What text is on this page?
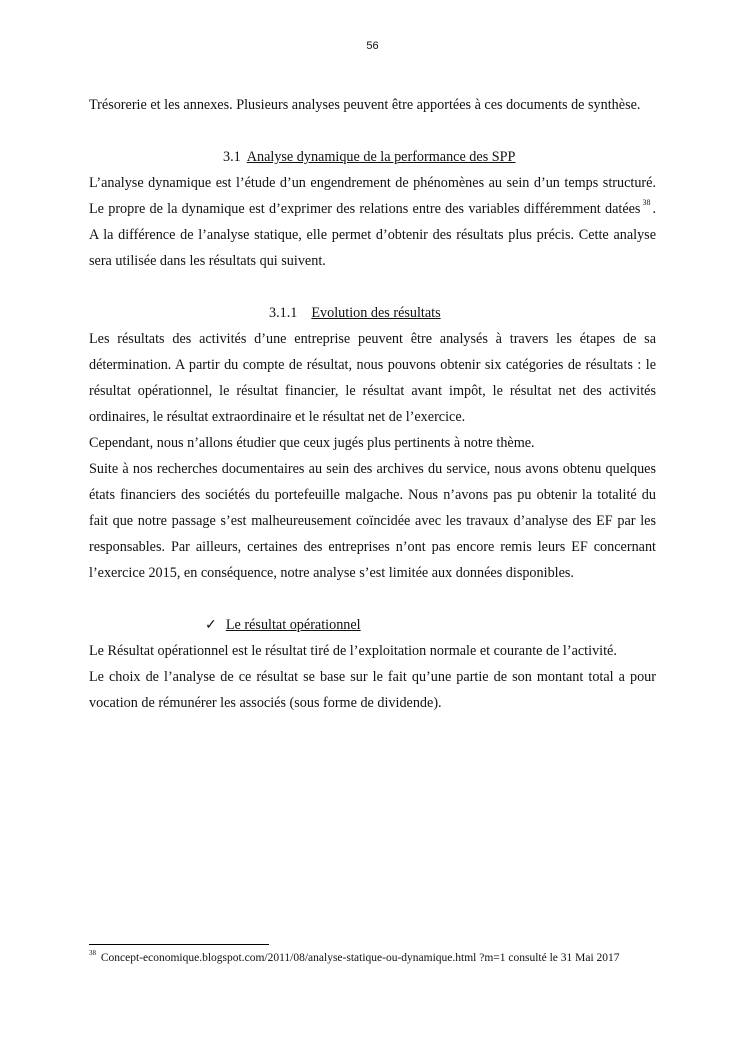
56

Trésorerie et les annexes. Plusieurs analyses peuvent être apportées à ces documents de synthèse.

3.1 Analyse dynamique de la performance des SPP

L’analyse dynamique est l’étude d’un engendrement de phénomènes au sein d’un temps structuré. Le propre de la dynamique est d’exprimer des relations entre des variables différemment datées $^{38}$ . A la différence de l’analyse statique, elle permet d’obtenir des résultats plus précis. Cette analyse sera utilisée dans les résultats qui suivent.

3.1.1 Evolution des résultats

Les résultats des activités d’une entreprise peuvent être analysés à travers les étapes de sa détermination. A partir du compte de résultat, nous pouvons obtenir six catégories de résultats : le résultat opérationnel, le résultat financier, le résultat avant impôt, le résultat net des activités ordinaires, le résultat extraordinaire et le résultat net de l’exercice.

Cependant, nous n’allons étudier que ceux jugés plus pertinents à notre thème.

Suite à nos recherches documentaires au sein des archives du service, nous avons obtenu quelques états financiers des sociétés du portefeuille malgache. Nous n’avons pas pu obtenir la totalité du fait que notre passage s’est malheureusement coïncidée avec les travaux d’analyse des EF par les responsables. Par ailleurs, certaines des entreprises n’ont pas encore remis leurs EF concernant l’exercice 2015, en conséquence, notre analyse s’est limitée aux données disponibles.

✓ Le résultat opérationnel

Le Résultat opérationnel est le résultat tiré de l’exploitation normale et courante de l’activité.

Le choix de l’analyse de ce résultat se base sur le fait qu’une partie de son montant total a pour vocation de rémunérer les associés (sous forme de dividende).

$^{38}$ Concept-economique.blogspot.com/2011/08/analyse-statique-ou-dynamique.html ?m=1 consulté le 31 Mai 2017
